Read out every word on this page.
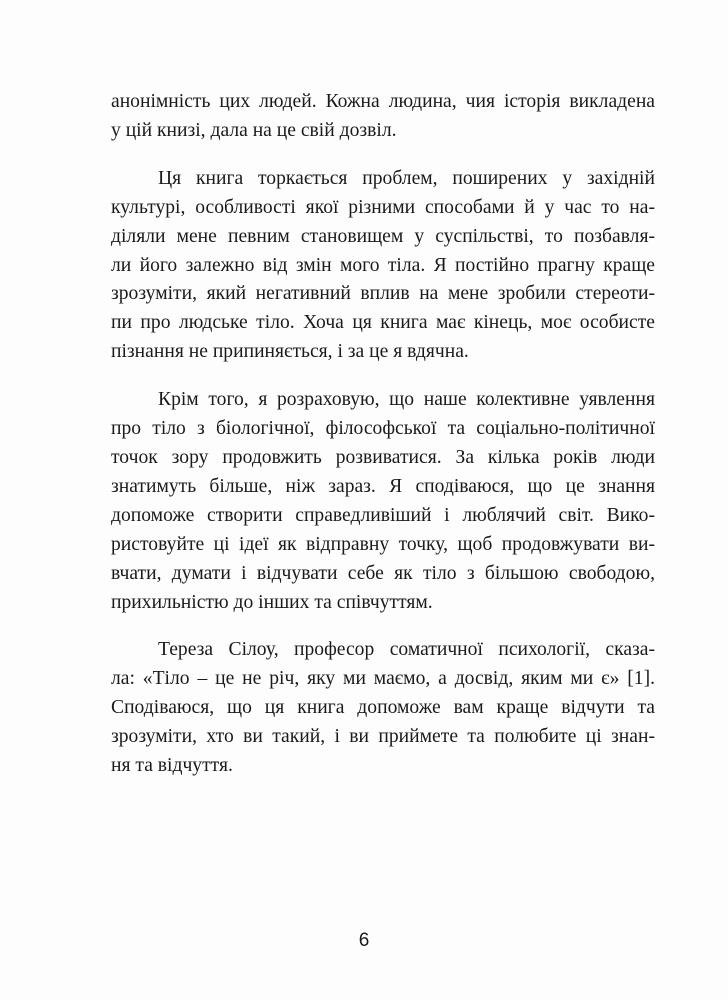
анонімність цих людей. Кожна людина, чия історія викладена
у цій книзі, дала на це свій дозвіл.

Ця книга торкається проблем, поширених у західній
культурі, особливості якої різними способами й у час то на-
діляли мене певним становищем у суспільстві, то позбавля-
ли його залежно від змін мого тіла. Я постійно прагну краще
зрозуміти, який негативний вплив на мене зробили стереоти-
пи про людське тіло. Хоча ця книга має кінець, моє особисте
пізнання не припиняється, і за це я вдячна.

Крім того, я розраховую, що наше колективне уявлення
про тіло з біологічної, філософської та соціально-політичної
точок зору продовжить розвиватися. За кілька років люди
знатимуть більше, ніж зараз. Я сподіваюся, що це знання
допоможе створити справедливіший і люблячий світ. Вико-
ристовуйте ці ідеї як відправну точку, щоб продовжувати ви-
вчати, думати і відчувати себе як тіло з більшою свободою,
прихильністю до інших та співчуттям.

Тереза Сілоу, професор соматичної психології, сказа-
ла: «Тіло – це не річ, яку ми маємо, а досвід, яким ми є» [1].
Сподіваюся, що ця книга допоможе вам краще відчути та
зрозуміти, хто ви такий, і ви приймете та полюбите ці знан-
ня та відчуття.

6
